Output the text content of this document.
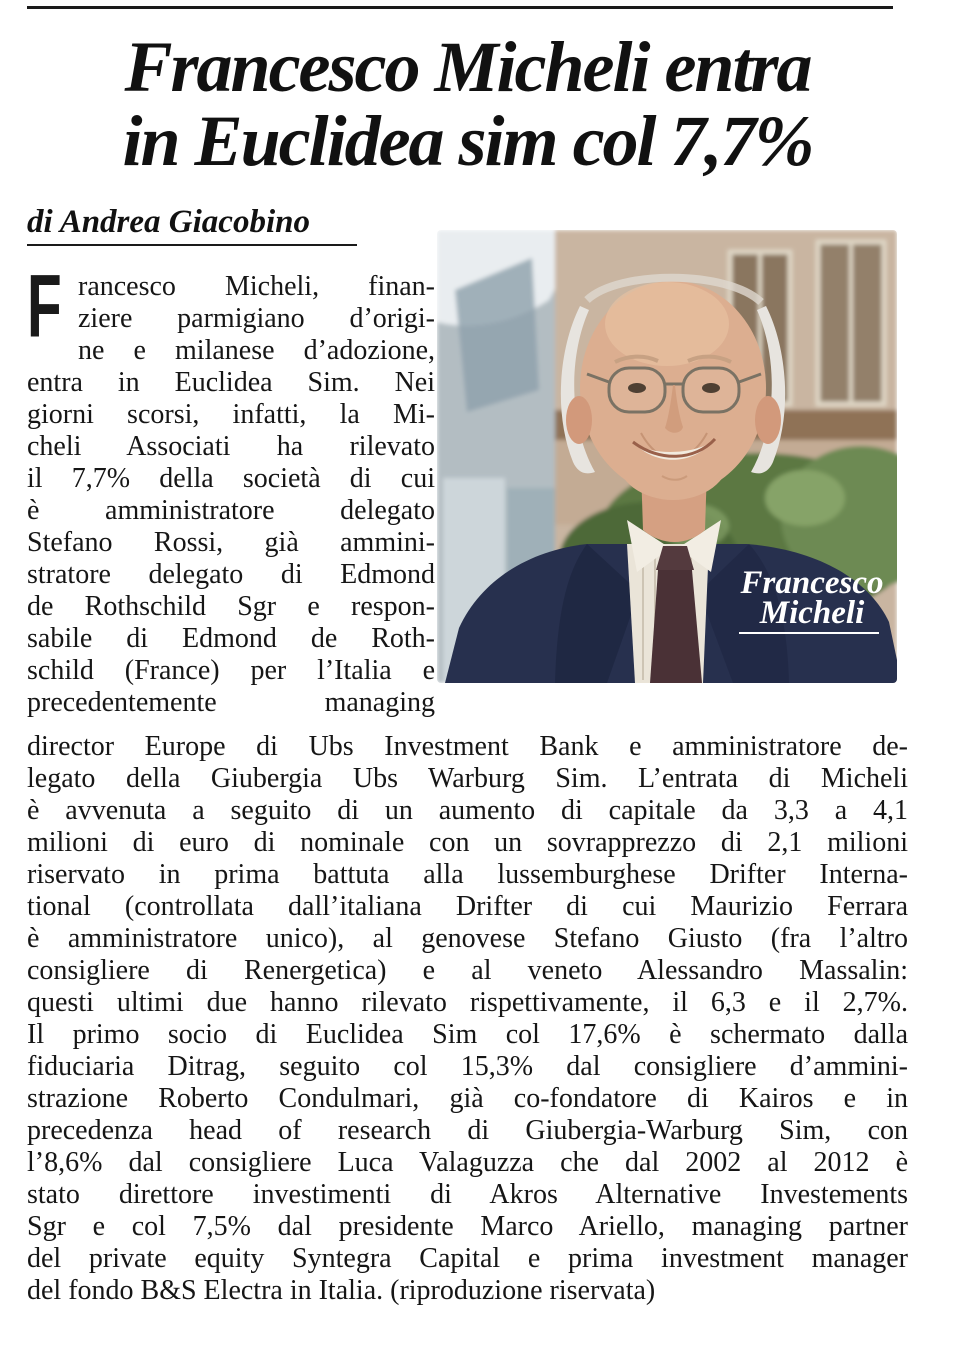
Francesco Micheli entra
in Euclidea sim col 7,7%
di Andrea Giacobino
F rancesco Micheli, finan-
ziere parmigiano d’origi-
ne e milanese d’adozione,
entra in Euclidea Sim. Nei
giorni scorsi, infatti, la Mi-
cheli Associati ha rilevato
il 7,7% della società di cui
è amministratore delegato
Stefano Rossi, già ammini-
stratore delegato di Edmond
de Rothschild Sgr e respon-
sabile di Edmond de Roth-
schild (France) per l’Italia e
precedentemente managing
director Europe di Ubs Investment Bank e amministratore de-
legato della Giubergia Ubs Warburg Sim. L’entrata di Micheli
è avvenuta a seguito di un aumento di capitale da 3,3 a 4,1
milioni di euro di nominale con un sovrapprezzo di 2,1 milioni
riservato in prima battuta alla lussemburghese Drifter Interna-
tional (controllata dall’italiana Drifter di cui Maurizio Ferrara
è amministratore unico), al genovese Stefano Giusto (fra l’altro
consigliere di Renergetica) e al veneto Alessandro Massalin:
questi ultimi due hanno rilevato rispettivamente, il 6,3 e il 2,7%.
Il primo socio di Euclidea Sim col 17,6% è schermato dalla
fiduciaria Ditrag, seguito col 15,3% dal consigliere d’ammini-
strazione Roberto Condulmari, già co-fondatore di Kairos e in
precedenza head of research di Giubergia-Warburg Sim, con
l’8,6% dal consigliere Luca Valaguzza che dal 2002 al 2012 è
stato direttore investimenti di Akros Alternative Investements
Sgr e col 7,5% dal presidente Marco Ariello, managing partner
del private equity Syntegra Capital e prima investment manager
del fondo B&S Electra in Italia. (riproduzione riservata)
Francesco
Micheli
